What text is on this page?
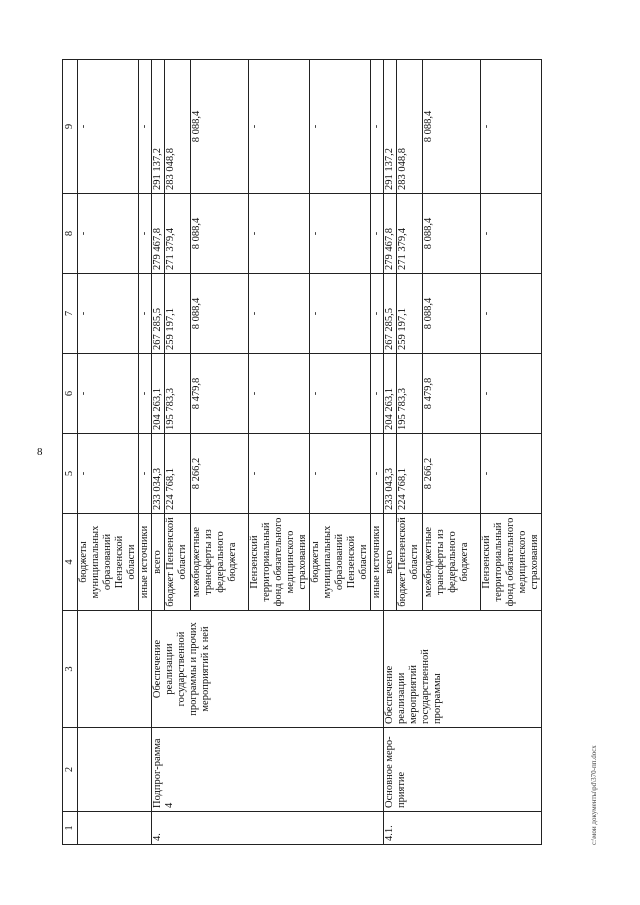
8
1	2	3	4	5	6	7	8	9
			бюджеты муниципальных образований Пензенской области	-	-	-	-	-
			иные источники	-	-	-	-	-
4.	Подпрог-рамма 4	Обеспечение реализации государственной программы и прочих мероприятий к ней	всего	233 034,3	204 263,1	267 285,5	279 467,8	291 137,2
			бюджет Пензенской области	224 768,1	195 783,3	259 197,1	271 379,4	283 048,8
			межбюджетные трансферты из федерального бюджета	8 266,2	8 479,8	8 088,4	8 088,4	8 088,4
			Пензенский территориальный фонд обязательного медицинского страхования	-	-	-	-	-
			бюджеты муниципальных образований Пензенской области	-	-	-	-	-
			иные источники	-	-	-	-	-
4.1.	Основное меро-приятие	Обеспечение реализации мероприятий государственной программы	всего	233 043,3	204 263,1	267 285,5	279 467,8	291 137,2
			бюджет Пензенской области	224 768,1	195 783,3	259 197,1	271 379,4	283 048,8
			межбюджетные трансферты из федерального бюджета	8 266,2	8 479,8	8 088,4	8 088,4	8 088,4
			Пензенский территориальный фонд обязательного медицинского страхования	-	-	-	-	-
c:\мои документы\pd\370-пп.docx
